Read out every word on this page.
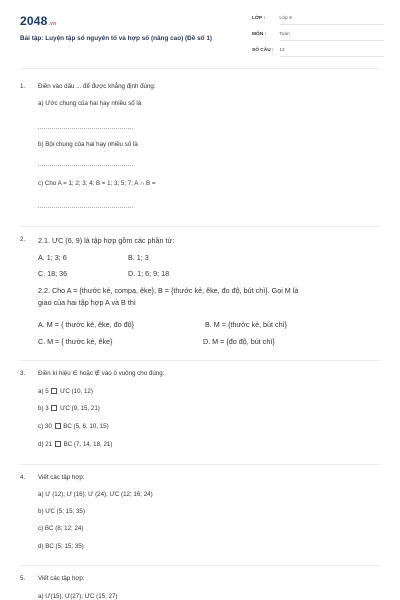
2048.vn
Bài tập: Luyện tập số nguyên tố và hợp số (nâng cao) (Đề số 1)
LỚP :	Lớp 6
MÔN :	Toán
SỐ CÂU : 12
1. Điền vào dấu ... để được khẳng định đúng:
a) Ước chung của hai hay nhiều số là
b) Bội chung của hai hay nhiều số là
c) Cho A = 1; 2; 3; 4; B = 1; 3; 5; 7; A ∩ B =
2. 2.1. ƯC (6, 9) là tập hợp gồm các phần tử:
A. 1; 3; 6	B. 1; 3
C. 18; 36	D. 1; 6; 9; 18
2.2. Cho A = {thước kẻ, compa, êke}; B = {thước kẻ, êke, đo độ, bút chì}. Gọi M là
giao của hai tập hợp A và B thì
A. M = { thước kẻ, êke, đo độ}	B. M = {thước kẻ, bút chì}
C. M = { thước kẻ, êke}	D. M = {đo độ, bút chì}
3. Điền kí hiệu ∈ hoặc ∉ vào ô vuông cho đúng:
a) 5 ƯC (10, 12)
b) 3 ƯC (9, 15, 21)
c) 30 BC (5, 6, 10, 15)
d) 21 BC (7, 14, 18, 21)
4. Viết các tập hợp:
a) Ư (12); Ư (16); Ư (24); ƯC (12; 16; 24)
b) ƯC (5; 15; 35)
c) BC (8; 12; 24)
d) BC (5; 15; 35)
5. Viết các tập hợp:
a) Ư(15); Ư(27); ƯC (15; 27)
